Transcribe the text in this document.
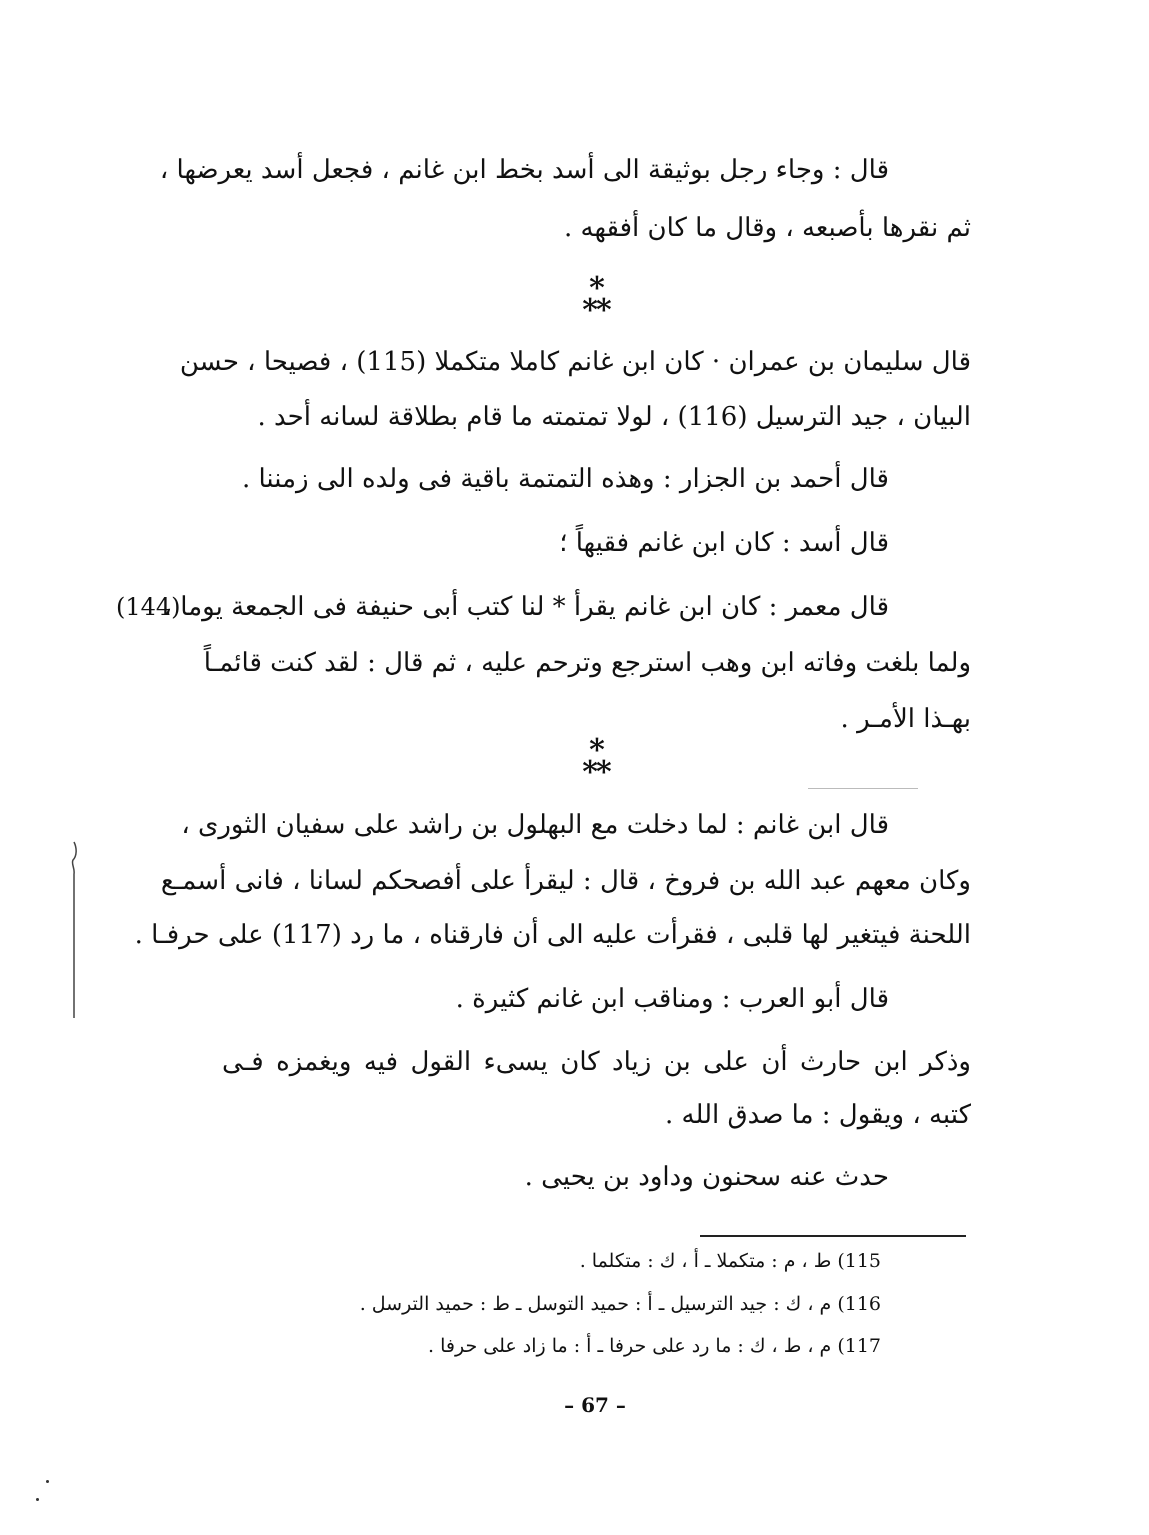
قال : وجاء رجل بوثيقة الى أسد بخط ابن غانم ، فجعل أسد يعرضها ،
ثم نقرها بأصبعه ، وقال ما كان أفقهه .
*
**
قال سليمان بن عمران · كان ابن غانم كاملا متكملا (115) ، فصيحا ، حسن
البيان ، جيد الترسيل (116) ، لولا تمتمته ما قام بطلاقة لسانه أحد .
قال أحمد بن الجزار : وهذه التمتمة باقية فى ولده الى زمننا .
قال أسد : كان ابن غانم فقيهاً ؛
(144)
قال معمر : كان ابن غانم يقرأ * لنا كتب أبى حنيفة فى الجمعة يوما ،
ولما بلغت وفاته ابن وهب استرجع وترحم عليه ، ثم قال : لقد كنت قائمـاً
بهـذا الأمـر .
*
**
قال ابن غانم : لما دخلت مع البهلول بن راشد على سفيان الثورى ،
وكان معهم عبد الله بن فروخ ، قال : ليقرأ على أفصحكم لسانا ، فانى أسمـع
اللحنة فيتغير لها قلبى ، فقرأت عليه الى أن فارقناه ، ما رد (117) على حرفـا .
قال أبو العرب : ومناقب ابن غانم كثيرة .
وذكر ابن حارث أن على بن زياد كان يسىء القول فيه ويغمزه فـى
كتبه ، ويقول : ما صدق الله .
حدث عنه سحنون وداود بن يحيى .
115) ط ، م : متكملا ـ أ ، ك : متكلما .
116) م ، ك : جيد الترسيل ـ أ : حميد التوسل ـ ط : حميد الترسل .
117) م ، ط ، ك : ما رد على حرفا ـ أ : ما زاد على حرفا .
– 67 –
